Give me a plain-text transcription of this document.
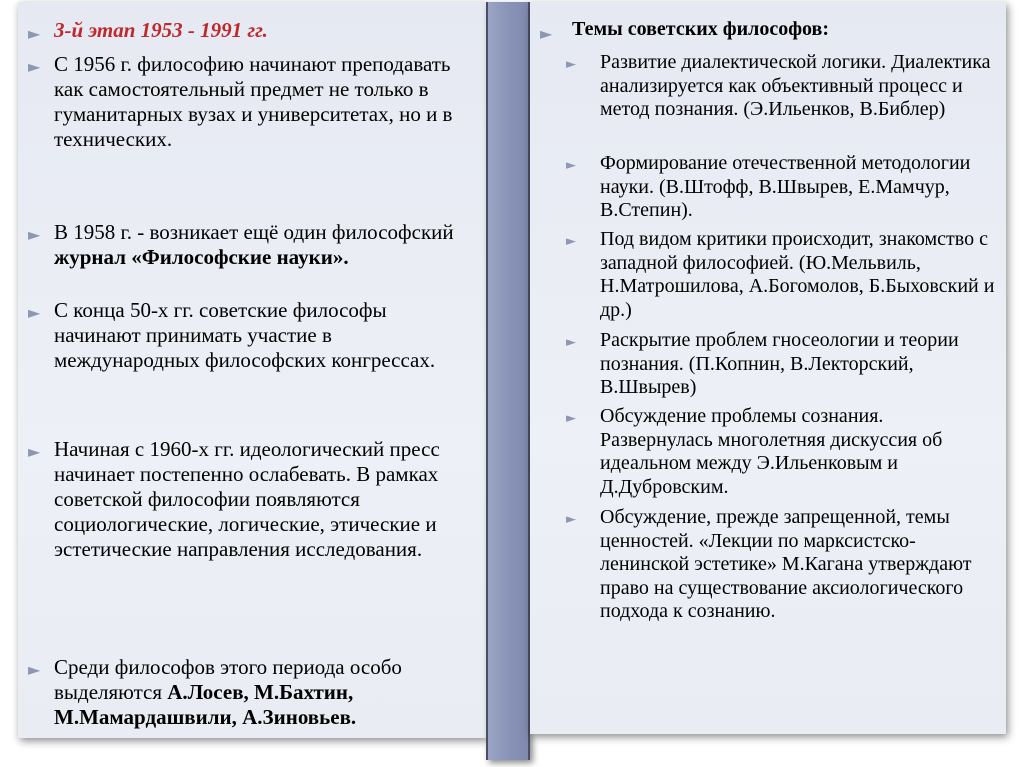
► 3-й этап 1953 - 1991 гг.
► С 1956 г. философию начинают преподавать как самостоятельный предмет не только в гуманитарных вузах и университетах, но и в технических.
► В 1958 г. - возникает ещё один философский журнал «Философские науки».
► С конца 50-х гг. советские философы начинают принимать участие в международных философских конгрессах.
► Начиная с 1960-х гг. идеологический пресс начинает постепенно ослабевать. В рамках советской философии появляются социологические, логические, этические и эстетические направления исследования.
► Среди философов этого периода особо выделяются А.Лосев, М.Бахтин, М.Мамардашвили, А.Зиновьев.
► Темы советских философов:
► Развитие диалектической логики. Диалектика анализируется как объективный процесс и метод познания. (Э.Ильенков, В.Библер)
► Формирование отечественной методологии науки. (В.Штофф, В.Швырев, Е.Мамчур, В.Степин).
► Под видом критики происходит, знакомство с западной философией. (Ю.Мельвиль, Н.Матрошилова, А.Богомолов, Б.Быховский и др.)
► Раскрытие проблем гносеологии и теории познания. (П.Копнин, В.Лекторский, В.Швырев)
► Обсуждение проблемы сознания. Развернулась многолетняя дискуссия об идеальном между Э.Ильенковым и Д.Дубровским.
► Обсуждение, прежде запрещенной, темы ценностей. «Лекции по марксистско-ленинской эстетике» М.Кагана утверждают право на существование аксиологического подхода к сознанию.
